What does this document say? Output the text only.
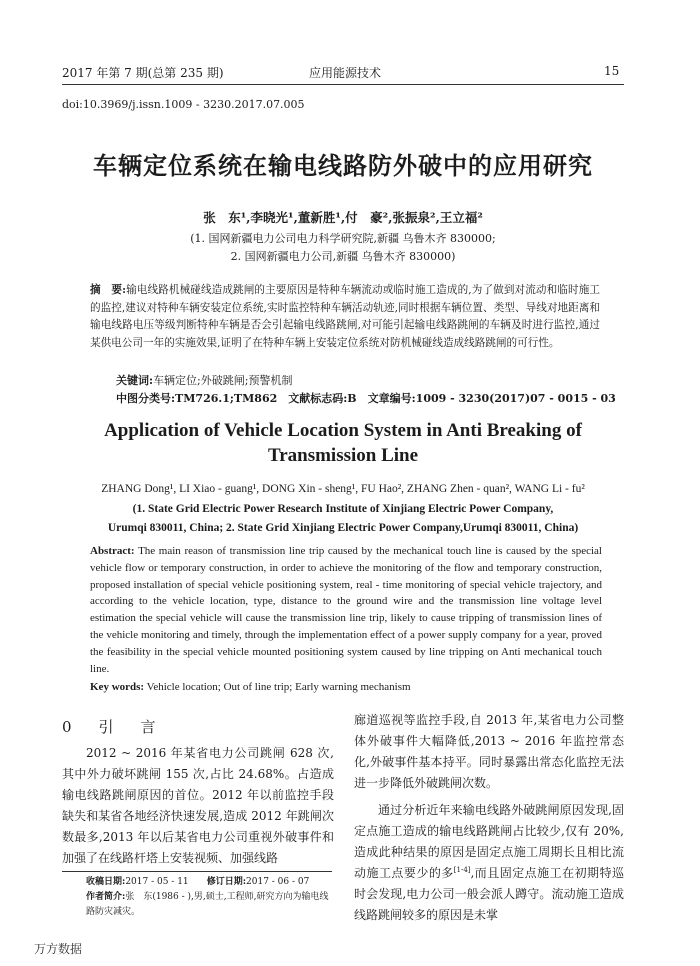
2017 年第 7 期(总第 235 期)	应用能源技术	15
doi:10.3969/j.issn.1009 - 3230.2017.07.005
车辆定位系统在输电线路防外破中的应用研究
张　东¹,李晓光¹,董新胜¹,付　豪²,张振泉²,王立福²
(1. 国网新疆电力公司电力科学研究院,新疆 乌鲁木齐 830000;
2. 国网新疆电力公司,新疆 乌鲁木齐 830000)
摘　要:输电线路机械碰线造成跳闸的主要原因是特种车辆流动或临时施工造成的,为了做到对流动和临时施工的监控,建议对特种车辆安装定位系统,实时监控特种车辆活动轨迹,同时根据车辆位置、类型、导线对地距离和输电线路电压等级判断特种车辆是否会引起输电线路跳闸,对可能引起输电线路跳闸的车辆及时进行监控,通过某供电公司一年的实施效果,证明了在特种车辆上安装定位系统对防机械碰线造成线路跳闸的可行性。
关键词:车辆定位;外破跳闸;预警机制
中图分类号:TM726.1;TM862　文献标志码:B　文章编号:1009 - 3230(2017)07 - 0015 - 03
Application of Vehicle Location System in Anti Breaking of Transmission Line
ZHANG Dong¹, LI Xiao - guang¹, DONG Xin - sheng¹, FU Hao², ZHANG Zhen - quan², WANG Li - fu²
(1. State Grid Electric Power Research Institute of Xinjiang Electric Power Company,
Urumqi 830011, China; 2. State Grid Xinjiang Electric Power Company,Urumqi 830011, China)
Abstract: The main reason of transmission line trip caused by the mechanical touch line is caused by the special vehicle flow or temporary construction, in order to achieve the monitoring of the flow and temporary construction, proposed installation of special vehicle positioning system, real - time monitoring of special vehicle trajectory, and according to the vehicle location, type, distance to the ground wire and the transmission line voltage level estimation the special vehicle will cause the transmission line trip, likely to cause tripping of transmission lines of the vehicle monitoring and timely, through the implementation effect of a power supply company for a year, proved the feasibility in the special vehicle mounted positioning system caused by line tripping on Anti mechanical touch line.
Key words: Vehicle location; Out of line trip; Early warning mechanism
0　引　言

2012 ~ 2016 年某省电力公司跳闸 628 次,其中外力破坏跳闸 155 次,占比 24.68%。占造成输电线路跳闸原因的首位。2012 年以前监控手段缺失和某省各地经济快速发展,造成 2012 年跳闸次数最多,2013 年以后某省电力公司重视外破事件和加强了在线路杆塔上安装视频、加强线路

廊道巡视等监控手段,自 2013 年,某省电力公司整体外破事件大幅降低,2013 ~ 2016 年监控常态化,外破事件基本持平。同时暴露出常态化监控无法进一步降低外破跳闸次数。

通过分析近年来输电线路外破跳闸原因发现,固定点施工造成的输电线路跳闸占比较少,仅有 20%,造成此种结果的原因是固定点施工周期长且相比流动施工点要少的多[1-4],而且固定点施工在初期特巡时会发现,电力公司一般会派人蹲守。流动施工造成线路跳闸较多的原因是未掌

收稿日期:2017 - 05 - 11　　 修订日期:2017 - 06 - 07
作者简介:张　东(1986 - ),男,硕士,工程师,研究方向为输电线路防灾减灾。
万方数据
